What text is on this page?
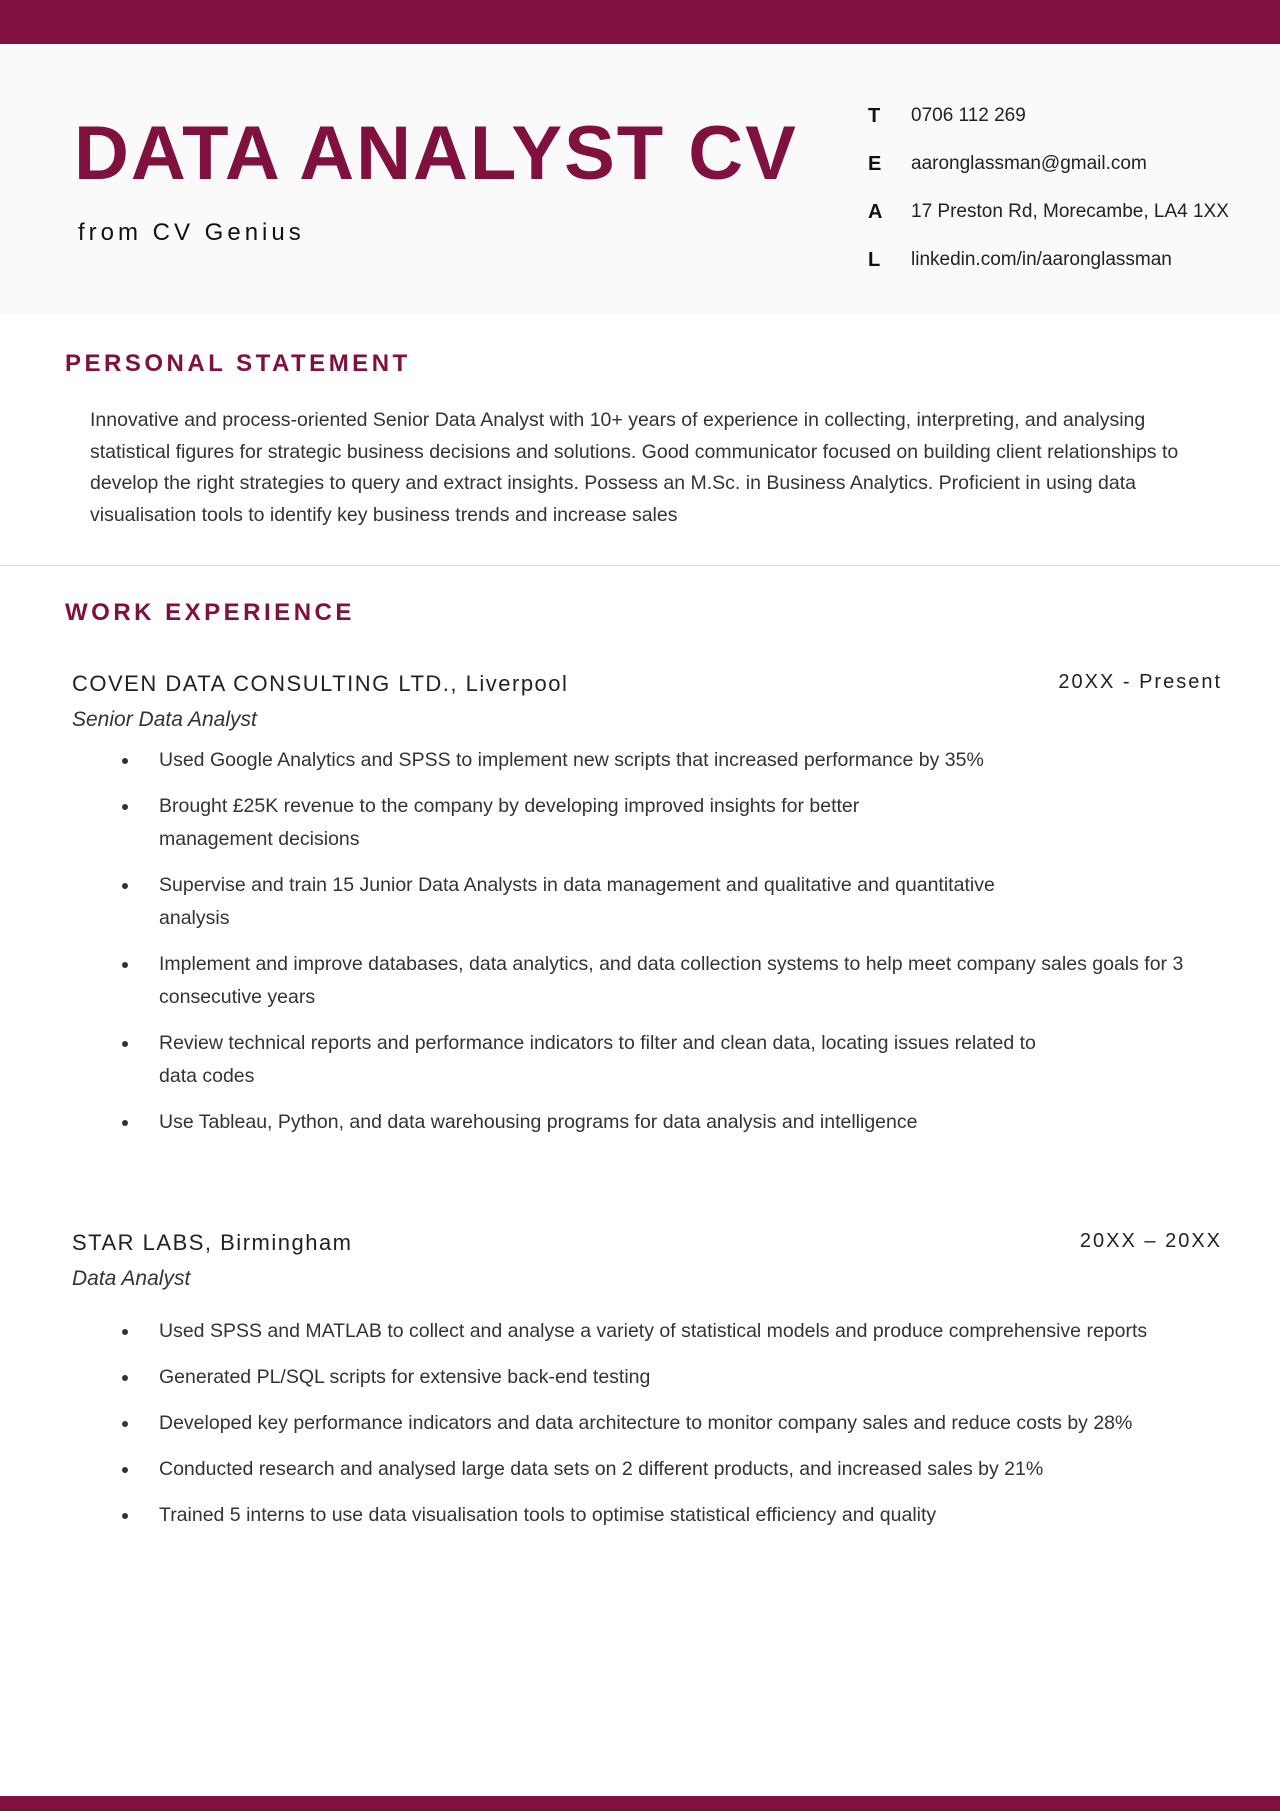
DATA ANALYST CV
from CV Genius
T	0706 112 269
E	aaronglassman@gmail.com
A	17 Preston Rd, Morecambe, LA4 1XX
L	linkedin.com/in/aaronglassman
PERSONAL STATEMENT

Innovative and process-oriented Senior Data Analyst with 10+ years of experience in collecting, interpreting, and analysing statistical figures for strategic business decisions and solutions. Good communicator focused on building client relationships to develop the right strategies to query and extract insights. Possess an M.Sc. in Business Analytics. Proficient in using data visualisation tools to identify key business trends and increase sales

WORK EXPERIENCE
COVEN DATA CONSULTING LTD., Liverpool	20XX - Present
Senior Data Analyst
Used Google Analytics and SPSS to implement new scripts that increased performance by 35%
Brought £25K revenue to the company by developing improved insights for better management decisions
Supervise and train 15 Junior Data Analysts in data management and qualitative and quantitative analysis
Implement and improve databases, data analytics, and data collection systems to help meet company sales goals for 3 consecutive years
Review technical reports and performance indicators to filter and clean data, locating issues related to data codes
Use Tableau, Python, and data warehousing programs for data analysis and intelligence
STAR LABS, Birmingham	20XX – 20XX
Data Analyst
Used SPSS and MATLAB to collect and analyse a variety of statistical models and produce comprehensive reports
Generated PL/SQL scripts for extensive back-end testing
Developed key performance indicators and data architecture to monitor company sales and reduce costs by 28%
Conducted research and analysed large data sets on 2 different products, and increased sales by 21%
Trained 5 interns to use data visualisation tools to optimise statistical efficiency and quality
